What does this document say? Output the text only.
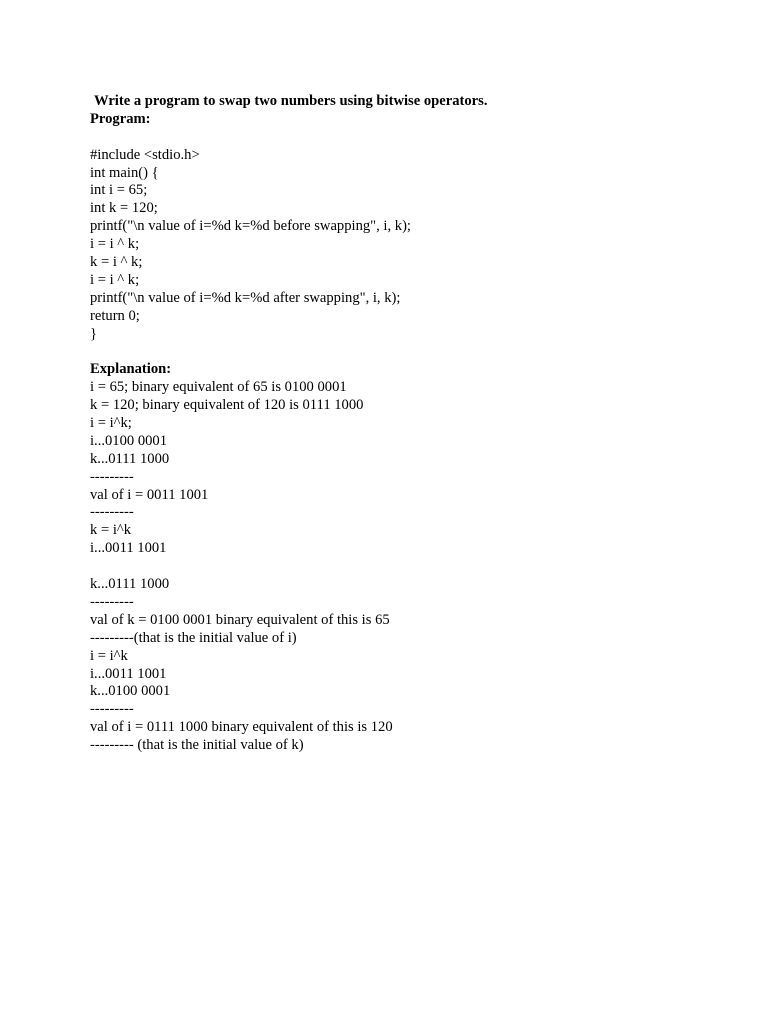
Write a program to swap two numbers using bitwise operators.
Program:
#include <stdio.h>
int main() {
int i = 65;
int k = 120;
printf("\n value of i=%d k=%d before swapping", i, k);
i = i ^ k;
k = i ^ k;
i = i ^ k;
printf("\n value of i=%d k=%d after swapping", i, k);
return 0;
}
Explanation:
i = 65; binary equivalent of 65 is 0100 0001
k = 120; binary equivalent of 120 is 0111 1000
i = i^k;
i...0100 0001
k...0111 1000
---------
val of i = 0011 1001
---------
k = i^k
i...0011 1001
k...0111 1000
---------
val of k = 0100 0001 binary equivalent of this is 65
---------(that is the initial value of i)
i = i^k
i...0011 1001
k...0100 0001
---------
val of i = 0111 1000 binary equivalent of this is 120
--------- (that is the initial value of k)
